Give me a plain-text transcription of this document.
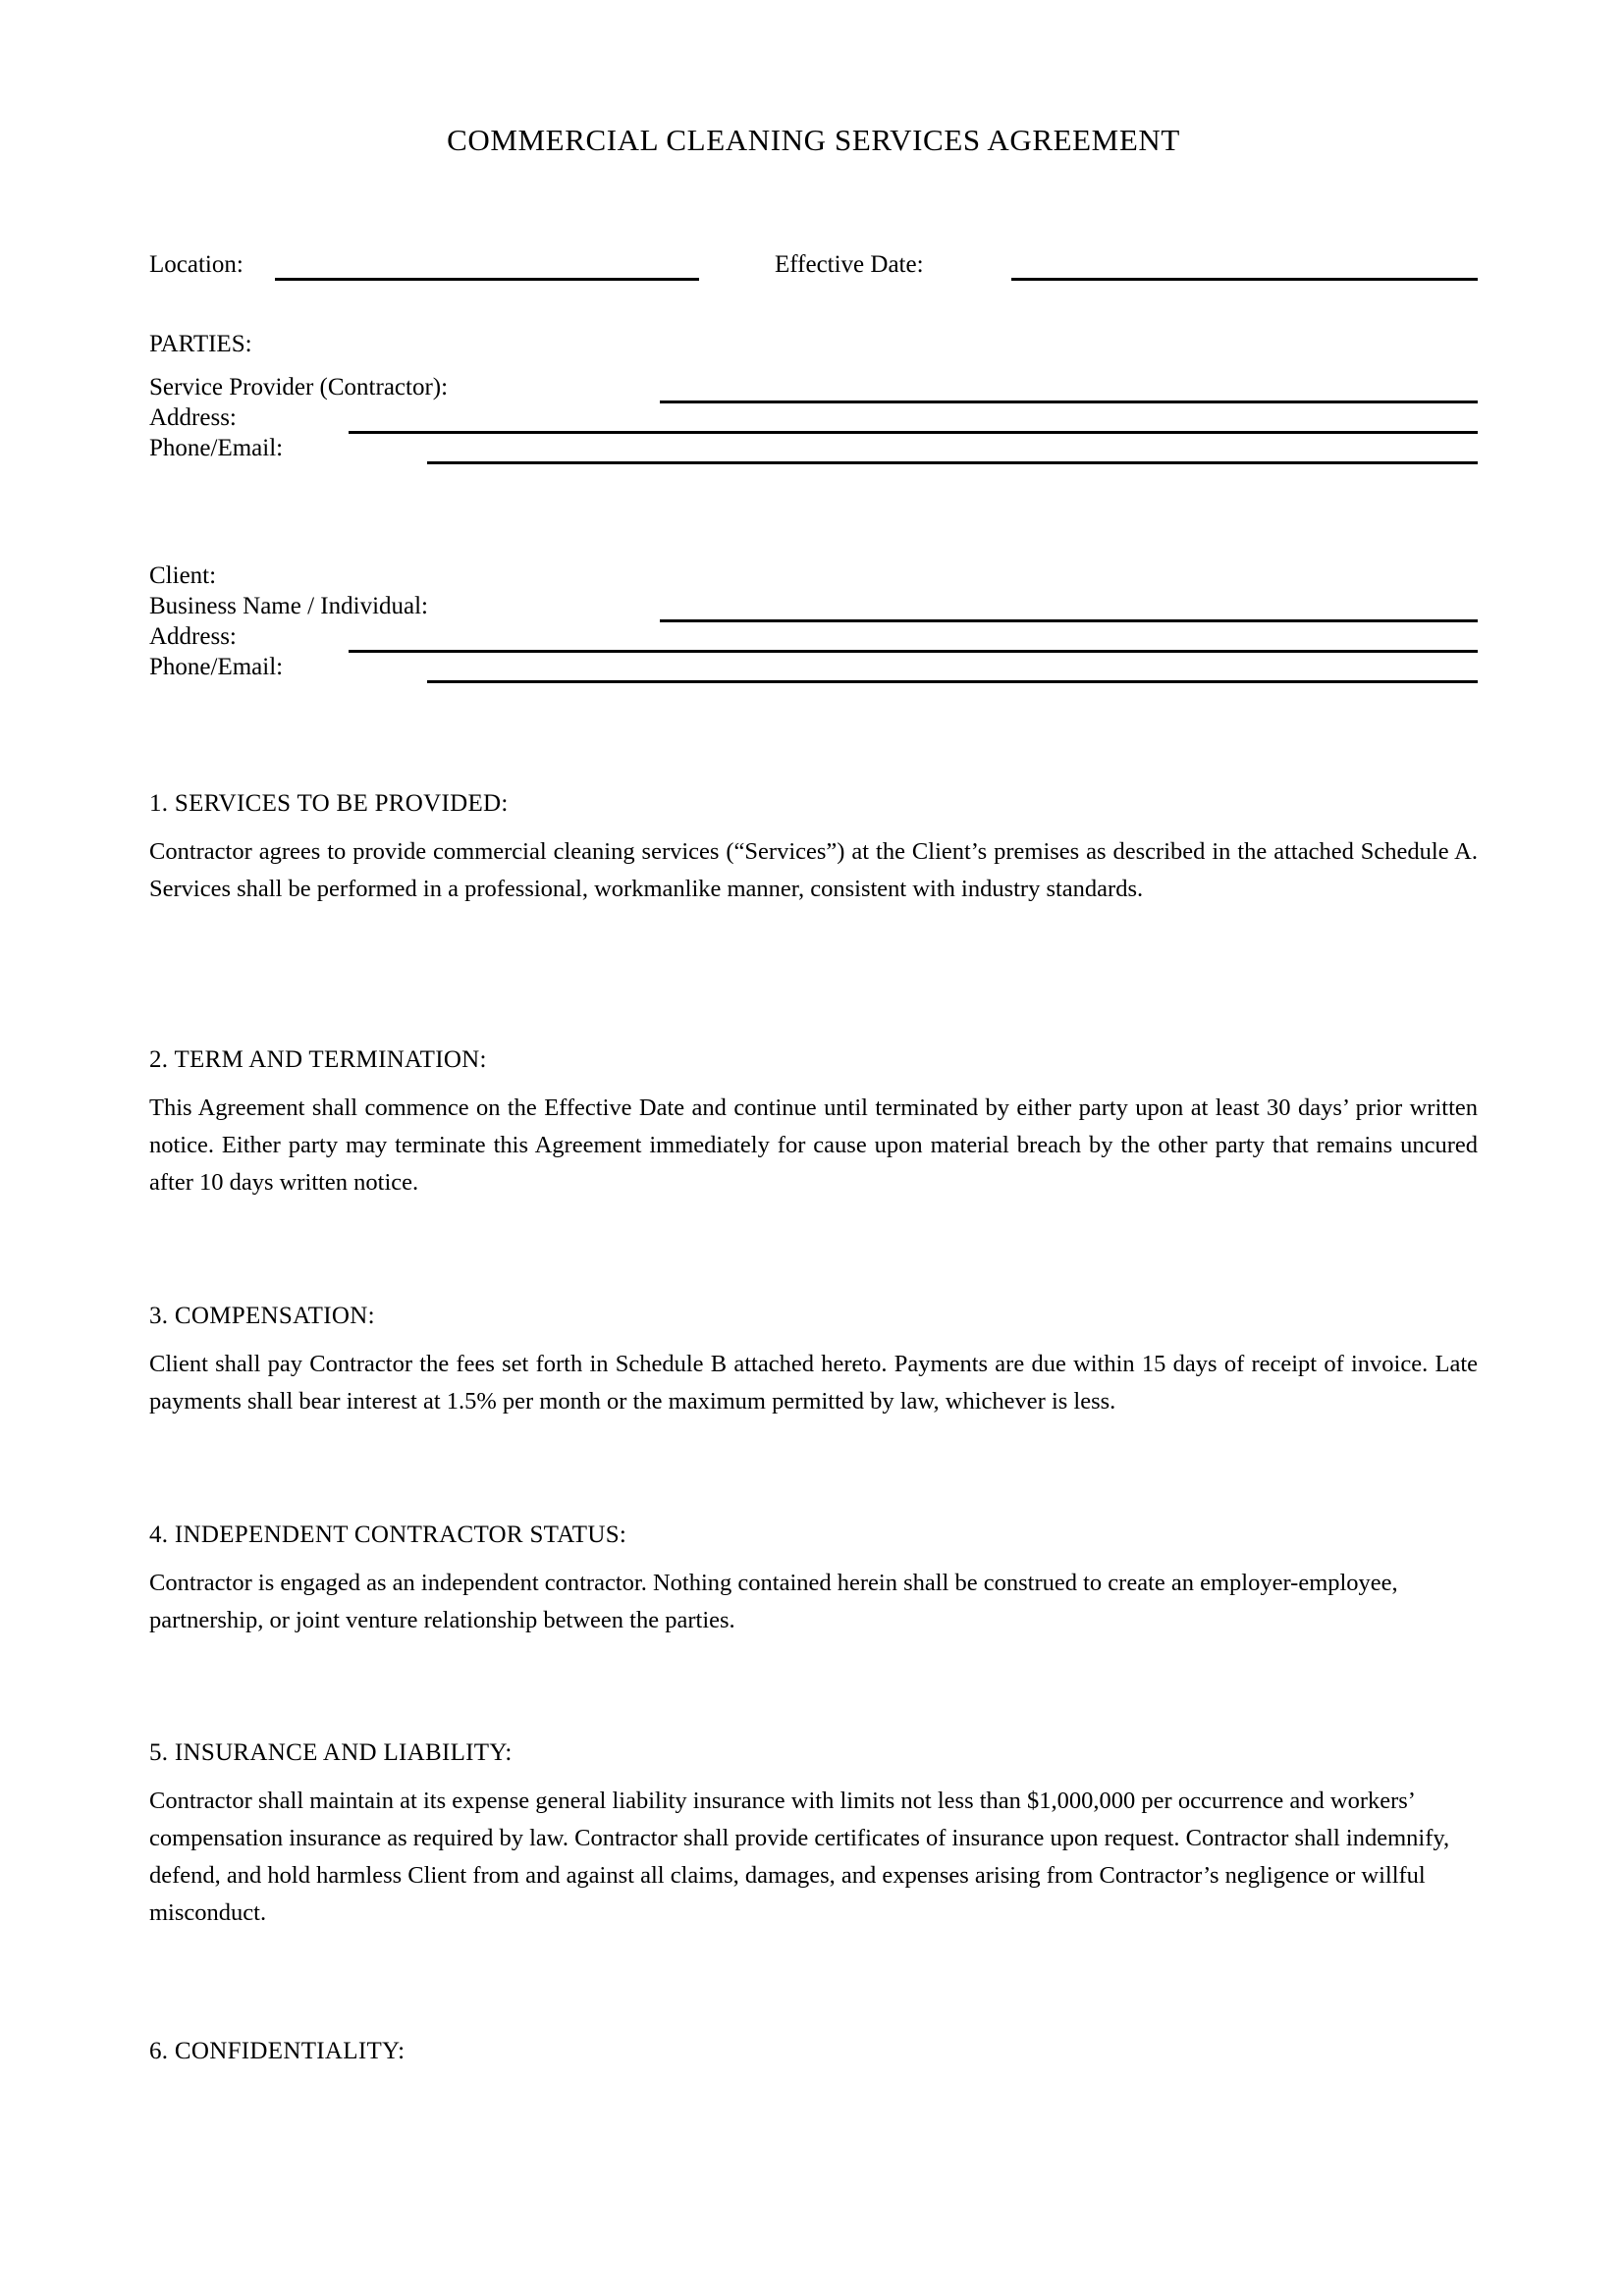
COMMERCIAL CLEANING SERVICES AGREEMENT
Location:	Effective Date:
PARTIES:
Service Provider (Contractor):
Address:
Phone/Email:
Client:
Business Name / Individual:
Address:
Phone/Email:
1. SERVICES TO BE PROVIDED:
Contractor agrees to provide commercial cleaning services (“Services”) at the Client’s premises as described in the attached Schedule A. Services shall be performed in a professional, workmanlike manner, consistent with industry standards.
2. TERM AND TERMINATION:
This Agreement shall commence on the Effective Date and continue until terminated by either party upon at least 30 days’ prior written notice. Either party may terminate this Agreement immediately for cause upon material breach by the other party that remains uncured after 10 days written notice.
3. COMPENSATION:
Client shall pay Contractor the fees set forth in Schedule B attached hereto. Payments are due within 15 days of receipt of invoice. Late payments shall bear interest at 1.5% per month or the maximum permitted by law, whichever is less.
4. INDEPENDENT CONTRACTOR STATUS:
Contractor is engaged as an independent contractor. Nothing contained herein shall be construed to create an employer-employee, partnership, or joint venture relationship between the parties.
5. INSURANCE AND LIABILITY:
Contractor shall maintain at its expense general liability insurance with limits not less than $1,000,000 per occurrence and workers’ compensation insurance as required by law. Contractor shall provide certificates of insurance upon request. Contractor shall indemnify, defend, and hold harmless Client from and against all claims, damages, and expenses arising from Contractor’s negligence or willful misconduct.
6. CONFIDENTIALITY:
